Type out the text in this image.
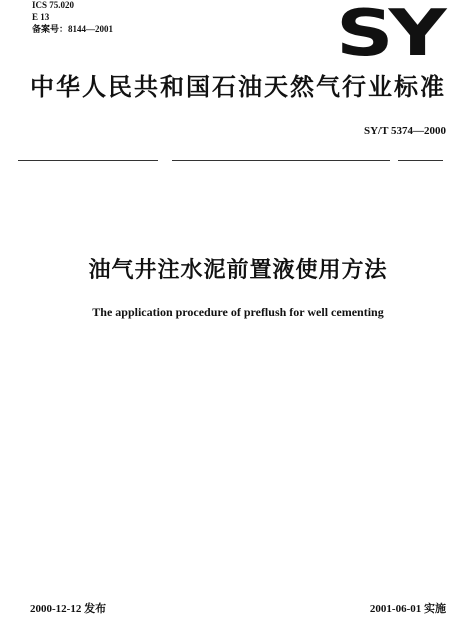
ICS 75.020
E 13
备案号：8144—2001	SY
中华人民共和国石油天然气行业标准
SY/T 5374—2000
油气井注水泥前置液使用方法
The application procedure of preflush for well cementing
2000-12-12 发布	2001-06-01 实施
